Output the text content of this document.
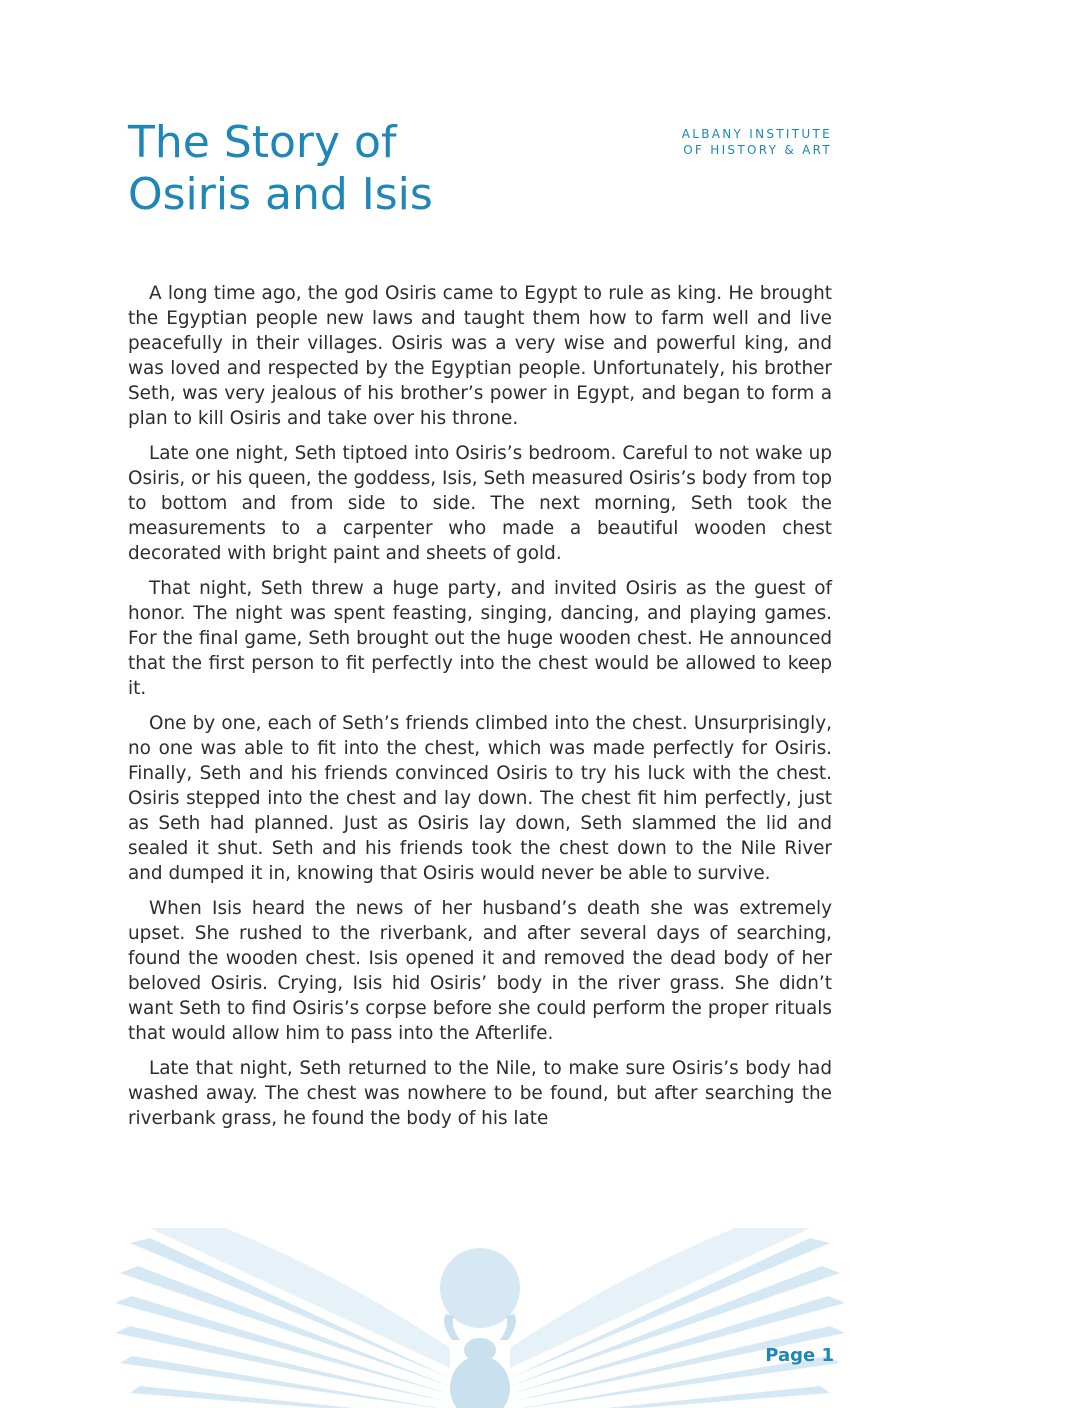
The Story of
Osiris and Isis
ALBANY INSTITUTE
OF HISTORY & ART

A long time ago, the god Osiris came to Egypt to rule as king. He brought the Egyptian people new laws and taught them how to farm well and live peacefully in their villages. Osiris was a very wise and powerful king, and was loved and respected by the Egyptian people. Unfortunately, his brother Seth, was very jealous of his brother’s power in Egypt, and began to form a plan to kill Osiris and take over his throne.

Late one night, Seth tiptoed into Osiris’s bedroom. Careful to not wake up Osiris, or his queen, the goddess, Isis, Seth measured Osiris’s body from top to bottom and from side to side. The next morning, Seth took the measurements to a carpenter who made a beautiful wooden chest decorated with bright paint and sheets of gold.

That night, Seth threw a huge party, and invited Osiris as the guest of honor. The night was spent feasting, singing, dancing, and playing games. For the final game, Seth brought out the huge wooden chest. He announced that the first person to fit perfectly into the chest would be allowed to keep it.

One by one, each of Seth’s friends climbed into the chest. Unsurprisingly, no one was able to fit into the chest, which was made perfectly for Osiris. Finally, Seth and his friends convinced Osiris to try his luck with the chest. Osiris stepped into the chest and lay down. The chest fit him perfectly, just as Seth had planned. Just as Osiris lay down, Seth slammed the lid and sealed it shut. Seth and his friends took the chest down to the Nile River and dumped it in, knowing that Osiris would never be able to survive.

When Isis heard the news of her husband’s death she was extremely upset. She rushed to the riverbank, and after several days of searching, found the wooden chest. Isis opened it and removed the dead body of her beloved Osiris. Crying, Isis hid Osiris’ body in the river grass. She didn’t want Seth to find Osiris’s corpse before she could perform the proper rituals that would allow him to pass into the Afterlife.

Late that night, Seth returned to the Nile, to make sure Osiris’s body had washed away. The chest was nowhere to be found, but after searching the riverbank grass, he found the body of his late

Page 1
